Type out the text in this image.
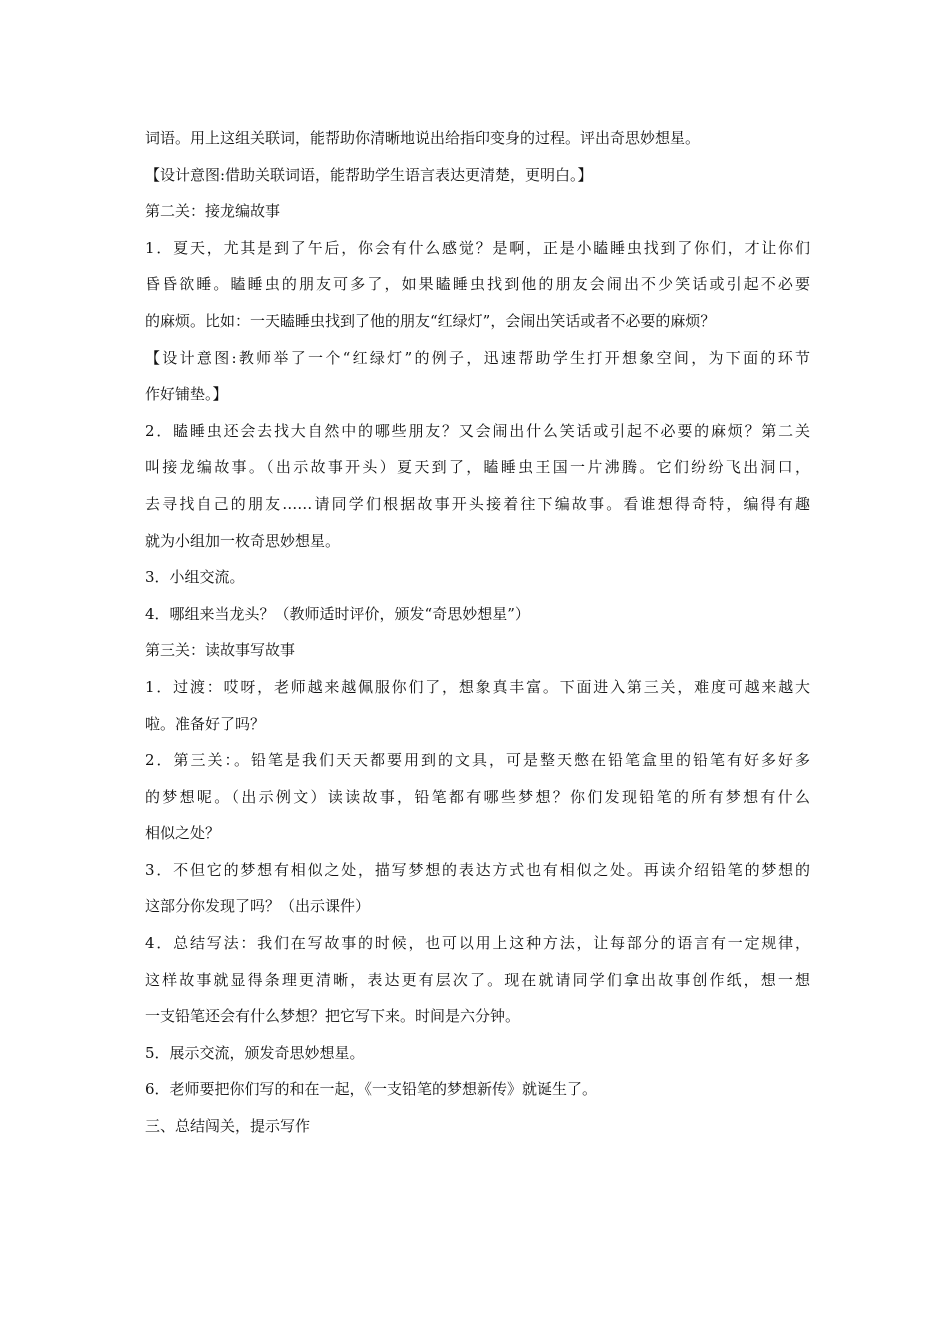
词语。用上这组关联词，能帮助你清晰地说出给指印变身的过程。评出奇思妙想星。

【设计意图:借助关联词语，能帮助学生语言表达更清楚，更明白。】

第二关：接龙编故事

1．夏天，尤其是到了午后，你会有什么感觉？是啊，正是小瞌睡虫找到了你们，才让你们

昏昏欲睡。瞌睡虫的朋友可多了，如果瞌睡虫找到他的朋友会闹出不少笑话或引起不必要

的麻烦。比如：一天瞌睡虫找到了他的朋友“红绿灯”，会闹出笑话或者不必要的麻烦？

【设计意图:教师举了一个“红绿灯”的例子，迅速帮助学生打开想象空间，为下面的环节

作好铺垫。】

2．瞌睡虫还会去找大自然中的哪些朋友？又会闹出什么笑话或引起不必要的麻烦？第二关

叫接龙编故事。（出示故事开头）夏天到了，瞌睡虫王国一片沸腾。它们纷纷飞出洞口，

去寻找自己的朋友……请同学们根据故事开头接着往下编故事。看谁想得奇特，编得有趣

就为小组加一枚奇思妙想星。

3．小组交流。

4．哪组来当龙头？（教师适时评价，颁发“奇思妙想星”）

第三关：读故事写故事

1．过渡：哎呀，老师越来越佩服你们了，想象真丰富。下面进入第三关，难度可越来越大

啦。准备好了吗？

2．第三关：。铅笔是我们天天都要用到的文具，可是整天憋在铅笔盒里的铅笔有好多好多

的梦想呢。（出示例文）读读故事，铅笔都有哪些梦想？你们发现铅笔的所有梦想有什么

相似之处？

3．不但它的梦想有相似之处，描写梦想的表达方式也有相似之处。再读介绍铅笔的梦想的

这部分你发现了吗？（出示课件）

4．总结写法：我们在写故事的时候，也可以用上这种方法，让每部分的语言有一定规律，

这样故事就显得条理更清晰，表达更有层次了。现在就请同学们拿出故事创作纸，想一想

一支铅笔还会有什么梦想？把它写下来。时间是六分钟。

5．展示交流，颁发奇思妙想星。

6．老师要把你们写的和在一起，《一支铅笔的梦想新传》就诞生了。

三、总结闯关，提示写作
